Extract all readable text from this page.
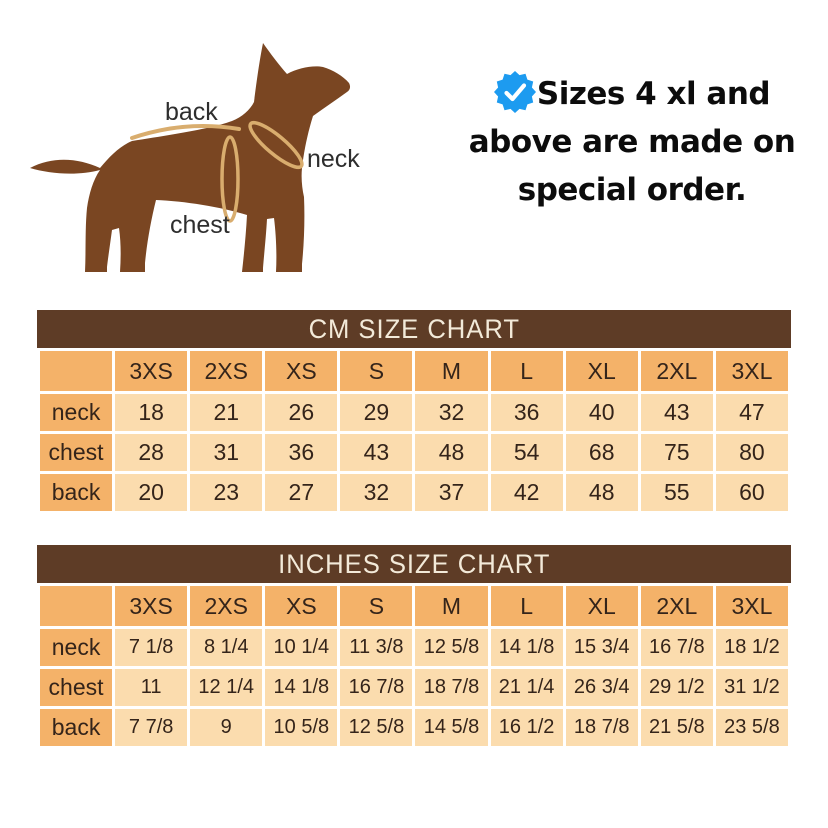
back
neck
chest
Sizes 4 xl and
above are made on
special order.
CM SIZE CHART
	3XS	2XS	XS	S	M	L	XL	2XL	3XL
neck	18	21	26	29	32	36	40	43	47
chest	28	31	36	43	48	54	68	75	80
back	20	23	27	32	37	42	48	55	60
INCHES SIZE CHART
	3XS	2XS	XS	S	M	L	XL	2XL	3XL
neck	7 1/8	8 1/4	10 1/4	11 3/8	12 5/8	14 1/8	15 3/4	16 7/8	18 1/2
chest	11	12 1/4	14 1/8	16 7/8	18 7/8	21 1/4	26 3/4	29 1/2	31 1/2
back	7 7/8	9	10 5/8	12 5/8	14 5/8	16 1/2	18 7/8	21 5/8	23 5/8
